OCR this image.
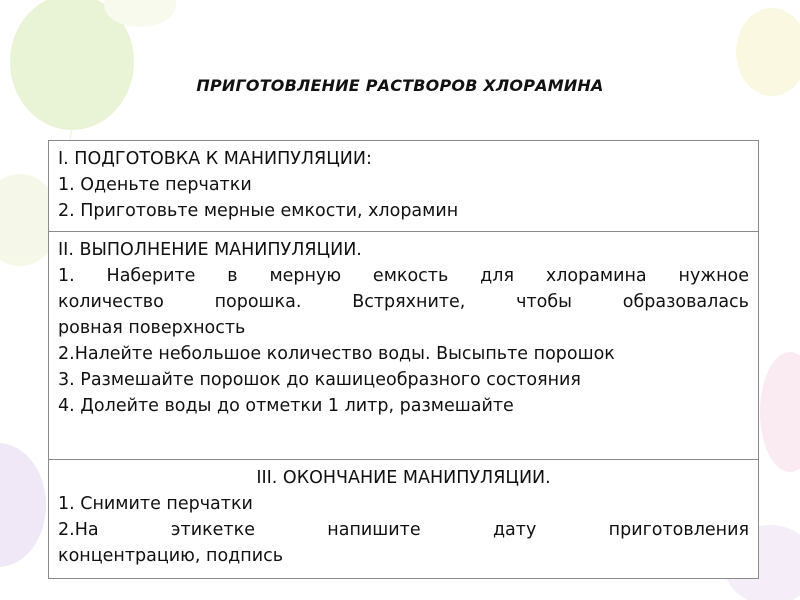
ПРИГОТОВЛЕНИЕ РАСТВОРОВ ХЛОРАМИНА
I. ПОДГОТОВКА К МАНИПУЛЯЦИИ:
1. Оденьте перчатки
2. Приготовьте мерные емкости, хлорамин
II. ВЫПОЛНЕНИЕ МАНИПУЛЯЦИИ.
1. Наберите в мерную емкость для хлорамина нужное
количество порошка. Встряхните, чтобы образовалась
ровная поверхность
2.Налейте небольшое количество воды. Высыпьте порошок
3. Размешайте порошок до кашицеобразного состояния
4. Долейте воды до отметки 1 литр, размешайте
III. ОКОНЧАНИЕ МАНИПУЛЯЦИИ.
1. Снимите перчатки
2.На этикетке напишите дату приготовления
концентрацию, подпись
